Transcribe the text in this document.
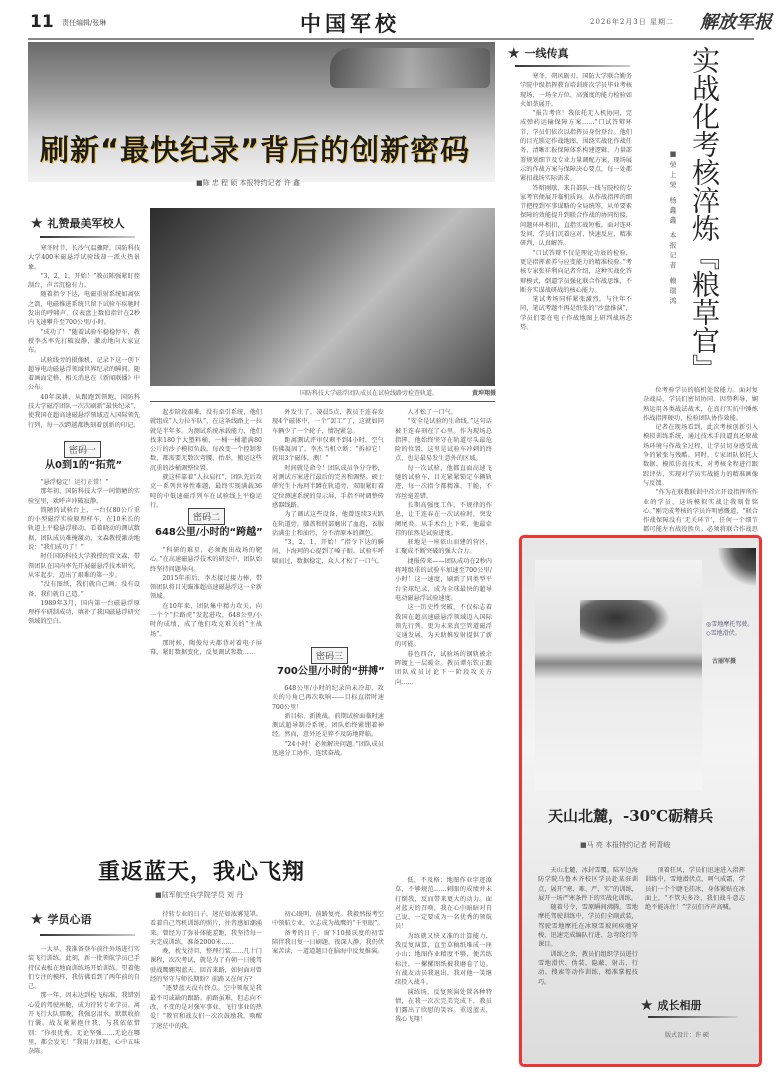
11 责任编辑/张琳	中国军校	2026年2月3日 星期二 解放军报
刷新“最快纪录”背后的创新密码
■陈 忠 程 硕 本报特约记者 许 鑫
★ 礼赞最美军校人

寒冬时节，长沙气温骤降。国防科技大学400米磁悬浮试验线却一派火热景象。

“3，2，1，开始！”教员陈强紧盯控制台，声音沉稳有力。

随着指令下达，电磁重射系统如离弦之箭，电磁推进系统只留下试验车疾驰时发出的呼啸声，仪表盘上数值指针在2秒内飞速攀升至700公里/小时。

“成功了！”随着试验车稳稳停车，教授李杰率先打破寂静，激动地向大家宣布。

试验线旁的摄像机，记录下这一创下超导电动磁悬浮领域世界纪录的瞬间。随着画面定格，相关消息在《新闻联播》中公布。

40年深耕，从跟跑到领跑，国防科技大学磁浮团队一次次刷新“最快纪录”，使我国在超高速磁悬浮领域迈入国际领先行列，每一次跨越都镌刻着创新的印记。

密码一
从0到1的“拓荒”

“悬浮稳定！运行正常！”

那年初，国防科技大学一间简陋的实验室里，欢呼声冲破寂静。

简陋的试验台上，一台仅80公斤重的小型磁浮实验原理样车，在10米长的轨道上平稳悬浮移动。看着晓动的测试数据，团队成员难掩激动，文森教授激动地说：“我们成功了！”

时任国防科技大学教授的常文森，带领团队在国内率先开展磁悬浮技术研究，从零起步，迈出了艰难的第一步。

“没有图纸，我们就自己画；没有设备，我们就自己造。”

1989年3月，国内第一台磁悬浮原理样车研制成功，填补了我国磁悬浮研究领域的空白。

国防科技大学磁浮团队成员在试验线路旁检查轨道。	黄坤翔摄

起步阶段艰难，没有牵引系统，他们就组成“人力拉车队”，在这条线路上一拉就是半年多。为测试系统承载能力，他们找来180个大塑料桶，一桶一桶灌满80公斤的沙子模拟负载，每改变一个控制参数，都需要无数次弯腰、抬举，搬运这些沉重的沙桶调整位置。

就这样靠着“人拉肩扛”，团队先后攻克一系列世界性难题，最终实现满载36吨的中低速磁浮列车在试验线上平稳运行。

密码二
648公里/小时的“跨越”

“科研的难星，必须跑出战场的靶心。”在高速磁悬浮技术的研发中，团队始终坚持问题导向。

2015年前后，李杰接过接力棒，带领团队将目光瞄准超高速磁悬浮这一全新领域。

在10年来，团队集中精力攻关，向一个个“拦路虎”发起进攻，648公里/小时的成绩，成了他们攻克难关的“主战场”。

那时候，陶俊每天都背对着电子屏幕，紧盯数据变化，反复调试参数……

外发生了。凌晨5点，教员王连春发现4个磁体中，一个“罢工”了，这就如同车辆少了一个轮子，情况紧急。

距离测试评审仅剩不到4小时，空气仿佛凝固了。李杰当机立断：“拆掉它！就用3个磁体，测！”

时间就是命令！团队成员争分夺秒，对测试方案进行最后的完善和调整。硕士研究生卜海珂半蹲在轨道旁，双眼紧盯着定位测速系统的显示屏，手指不时调整传感器线路。

为了调试这些设备，他曾连续3天趴在轨道旁，膝盖和肘部磨出了血泡，衣服沾满尘土和油污，分不清原本的颜色。

“3，2，1，开始！”指令下达的瞬间，卜海珂的心提到了嗓子眼。试验车呼啸而过，数据稳定，众人才松了一口气。

密码三
700公里/小时的“拼搏”

648公里/小时的纪录尚未冷却，攻关的号角已再次吹响——目标直指时速700公里！

新目标、新挑战。前期试验面临时速测试超导制冷系统，团队始终紧绷着神经。然而，意外还是猝不及防地降临。

“24小时！必须解决问题。”团队成员迅速分工协作，连续奋战。

人才松了一口气。

“安全是试验的生命线。”这句话被王连春刻在了心里。作为现场总指挥，他始终坚守在轨道尽头最危险的位置，这里是试验车冲刺的终点，也是最易发生意外的区域。

每一次试验，他都直面高速飞驰的试验车，目光紧紧锁定车辆轨迹，每一次指令都精准、干脆，不容丝毫差错。

长期高强度工作，不规律的作息，让王连春在一次试验时，突发阑尾炎。从手术台上下来，他最牵挂的依然是试验进度。

驻地是一座依山而建的营区，汇聚成不断突破的强大合力。

捷报传来——团队成功在2秒内将吨级重的试验车加速至700公里/小时！这一速度，刷新了同类型平台全球纪录，成为全球最快的超导电动磁悬浮试验速度。

这一历史性突破，不仅标志着我国在超高速磁悬浮领域迈入国际领先行列，更为未来真空管道磁浮交通发展，为天助推发射提供了新的可能。

暮色四合，试验场的钢轨被余晖镀上一层暖金。教员谭东钦正跟团队成员讨论下一阶段攻关方向……

★ 一线传真

寒冬，朔风砺刃。国防大学联合勤务学院中级指挥教育培训班次学员毕业考核现场，一场全方位、高强度的能力检验如火如荼展开。

“报告考官！我依托无人机协同，完成弹药运输保障方案……”口试答辩环节，学员们依次以指挥员身份登台。他们的目光锁定作战地图，围绕实战化作战任务，清晰汇报保障体系构建逻辑，力量部署规划细节及专业力量调配方案，现场展示的作战方案与保障决心要点，每一处都紧扣战场实际需求。

答辩刚歇，来自部队一线与院校的专家考官便展开临机质询。从作战指挥的细节把控到军事谋略的全局统筹，从单要素保障的效能提升到联合作战的协同衔接，问题环环相扣，直指实战短板。面对连环发问，学员们沉着应对，快速反应，精准研判，认真解答。

“口试答辩不仅是理论功底的检验，更是指挥素养与应变能力的精准校验。”考核专家张祥利向记者介绍，这种实战化答辩模式，倒逼学员强化联合作战思维，不断夯实谋战研战的核心能力。

笔试考场同样紧张激烈。与往年不同，笔试考题不再是纸张的“沙盘推演”，学员们要在电子作战地图上研判战场态势。	实战化考核淬炼『粮草官』
■荣上荣 杨鑫鑫 本报记者 赖瑞鸿

位考验学员的临机处置能力。面对复杂战局，学员们密切协同、因势利导，娴熟运用各类战法战术，在真打实抗中锤炼作战指挥硬功，检验团队协作效能。

记者在现场看到，此次考核创新引入模拟训练系统，通过技术手段逼真还原战场环境与作战全过程，让学员切身感受战争的紧张与残酷。同时，专家团队依托大数据、模拟仿真技术，对考核全程进行跟踪评估，实现对学员实战能力的精准画像与反馈。

“作为在联教联训中首立开设指挥所作业的学员，这场模拟实战让我刻骨铭心。”刚完成考核的学员许明感慨道，“联合作战保障没有‘无关环节’，任何一个细节都可能左右战役胜负。必须将联合作战思

◎雪地摩托驾驶。◇雪地滑伏。
古丽军摄
天山北麓，-30℃砺精兵
■马 亮 本报特约记者 柯青峻

天山北麓，冰封雪覆。陆军边海防学院乌鲁木齐校区学员赴某驻训点，展开“寒、难、严、实”的训练，展开一场严寒条件下的实战化训练。

随着号令，雪原瞬间沸腾。雪地摩托驾驶训练中，学员们全副武装，驾驶雪地摩托在冰原雪坡间疾驰穿梭，迅速完成编队行进、急弯绕行等课目。

训练之余，教员们组织学员进行雪地滑伏、伪装、隐蔽、射击、行动、搜索等动作训练，精准掌握技巧。

顶着狂风，学员们迅速进入指挥训练中，雪地潜伏点，呵气成霜，学员们一个个睫毛挂冰，身体紧贴在冰面上，“不管天多冷，我们战斗意志绝不能冻住！”学员们齐声高喊。

★ 成长相册
版式设计：许 硕
重返蓝天，我心飞翔
■陆军航空兵学院学员 刘 丹
★ 学员心语

一大早，我准备登车前往外场进行实装飞行训练。此刻，新一批领航学员已手持仪表板在地面训练场开始训练。望着他们专注的模样，我仿佛看到了两年前的自己。

那一年，因未达到检飞标准，我错别心爱的驾驶座舱，成为待转专业学员。离开飞行大队那晚，我强忍泪水，默默收拾行囊。战友紧紧抱住我，与我依依惜别：“你很优秀，无论坚强……无论在哪里，都会发光！”我用力回抱，心中五味杂陈。

待转专业的日子，迷茫如浓雾笼罩。看着自己驾机训练的照片，往昔感如潮涌来。曾经为了弥补体能差距，我坚持每一天完成训练，准备2000米……

晚，枕戈待旦，整理行装……几十门课程，次次考试，就是为了有朝一日能驾驶战鹰翱翔蓝天。回首来路，如何面对曾经的坚守与师长期盼？前路又在何方？

“逐梦蓝天没有终点。空中领航是我最不可或缺的跟路。前路虽难，但志向不改，不变的是对强军事业、飞行事业的热爱！”教官和战友们一次次鼓励我，唤醒了迷茫中的我。

初心既明，前路复亮。我毅然报考空中领航专业，立志成为战鹰的“千里眼”。

备考的日子，窗下10摄氏度的初雪陪伴我日复一日刷题。夜深人静，我仍伏案苦读，一道道题目在脑海中反复推演。

低，不及格；地图作业字迹潦草，不够规范……刺眼的成绩并未打倒我，反而带来更大的动力。面对蓝天的召唤，我在心中暗暗对自己说，一定要成为一名优秀的领航员！

为练就又快又准的计算能力，我反复演算，直至草稿纸堆成一座小山；地图作业精度不够，便苦练标注，一摞摞图纸被我磨卷了边。有战友动员我退出，我对他一笑继续投入战斗。

演练场，反复预演处置各种特情，在我一次次完美完成下，教员们露出了欣慰的笑容。重返蓝天，我心飞翔！
